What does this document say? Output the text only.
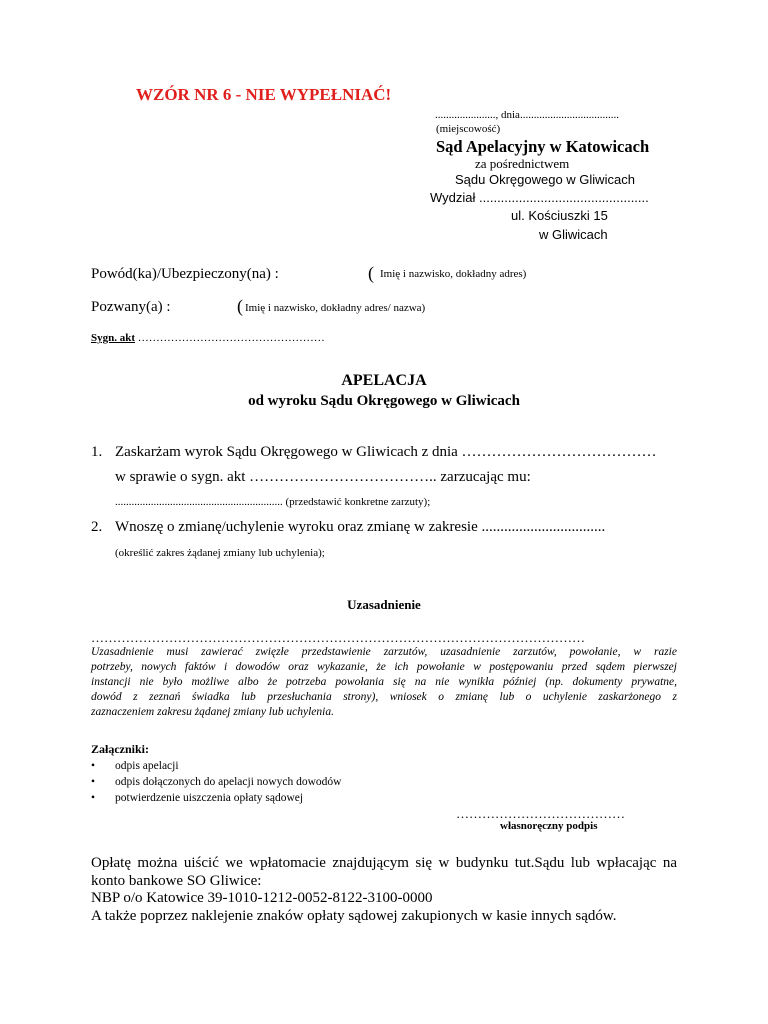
WZÓR NR 6 - NIE WYPEŁNIAĆ!
......................, dnia....................................
(miejscowość)
Sąd Apelacyjny w Katowicach
za pośrednictwem
Sądu Okręgowego w Gliwicach
Wydział ...............................................
ul. Kościuszki 15
w Gliwicach
Powód(ka)/Ubezpieczony(na) :	( Imię i nazwisko, dokładny adres)
Pozwany(a) :	( Imię i nazwisko, dokładny adres/ nazwa)
Sygn. akt ……………………………………………
APELACJA
od wyroku Sądu Okręgowego w Gliwicach
1. Zaskarżam wyrok Sądu Okręgowego w Gliwicach z dnia …………………………………
w sprawie o sygn. akt ……………………………….. zarzucając mu:
............................................................. (przedstawić konkretne zarzuty);
2. Wnoszę o zmianę/uchylenie wyroku oraz zmianę w zakresie .................................
(określić zakres żądanej zmiany lub uchylenia);
Uzasadnienie
……………………………………………………………………………………………………
Uzasadnienie musi zawierać zwięzłe przedstawienie zarzutów, uzasadnienie zarzutów, powołanie, w razie
potrzeby, nowych faktów i dowodów oraz wykazanie, że ich powołanie w postępowaniu przed sądem pierwszej
instancji nie było możliwe albo że potrzeba powołania się na nie wynikła później (np. dokumenty prywatne,
dowód z zeznań świadka lub przesłuchania strony), wniosek o zmianę lub o uchylenie zaskarżonego z
zaznaczeniem zakresu żądanej zmiany lub uchylenia.
Załączniki:
• odpis apelacji
• odpis dołączonych do apelacji nowych dowodów
• potwierdzenie uiszczenia opłaty sądowej
…………………………………
własnoręczny podpis
Opłatę można uiścić we wpłatomacie znajdującym się w budynku tut.Sądu lub wpłacając na
konto bankowe SO Gliwice:
NBP o/o Katowice 39-1010-1212-0052-8122-3100-0000
A także poprzez naklejenie znaków opłaty sądowej zakupionych w kasie innych sądów.
